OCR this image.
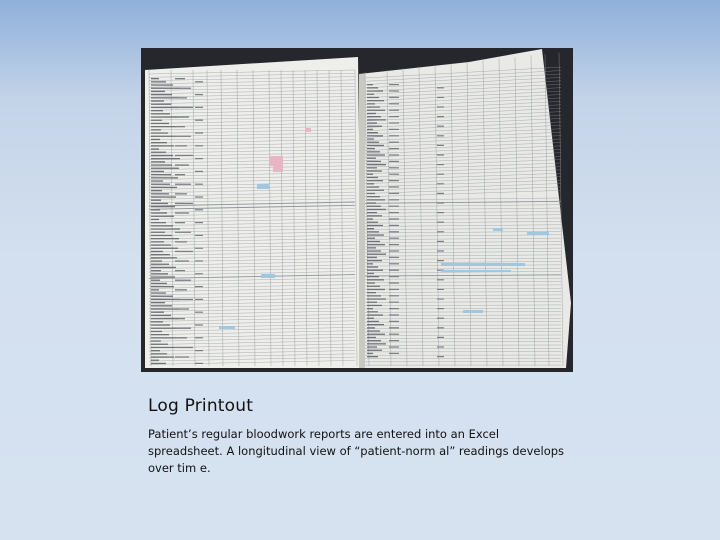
Log Printout

Patient’s regular bloodwork reports are entered into an Excel spreadsheet. A longitudinal view of “patient-norm al” readings develops over tim e.
